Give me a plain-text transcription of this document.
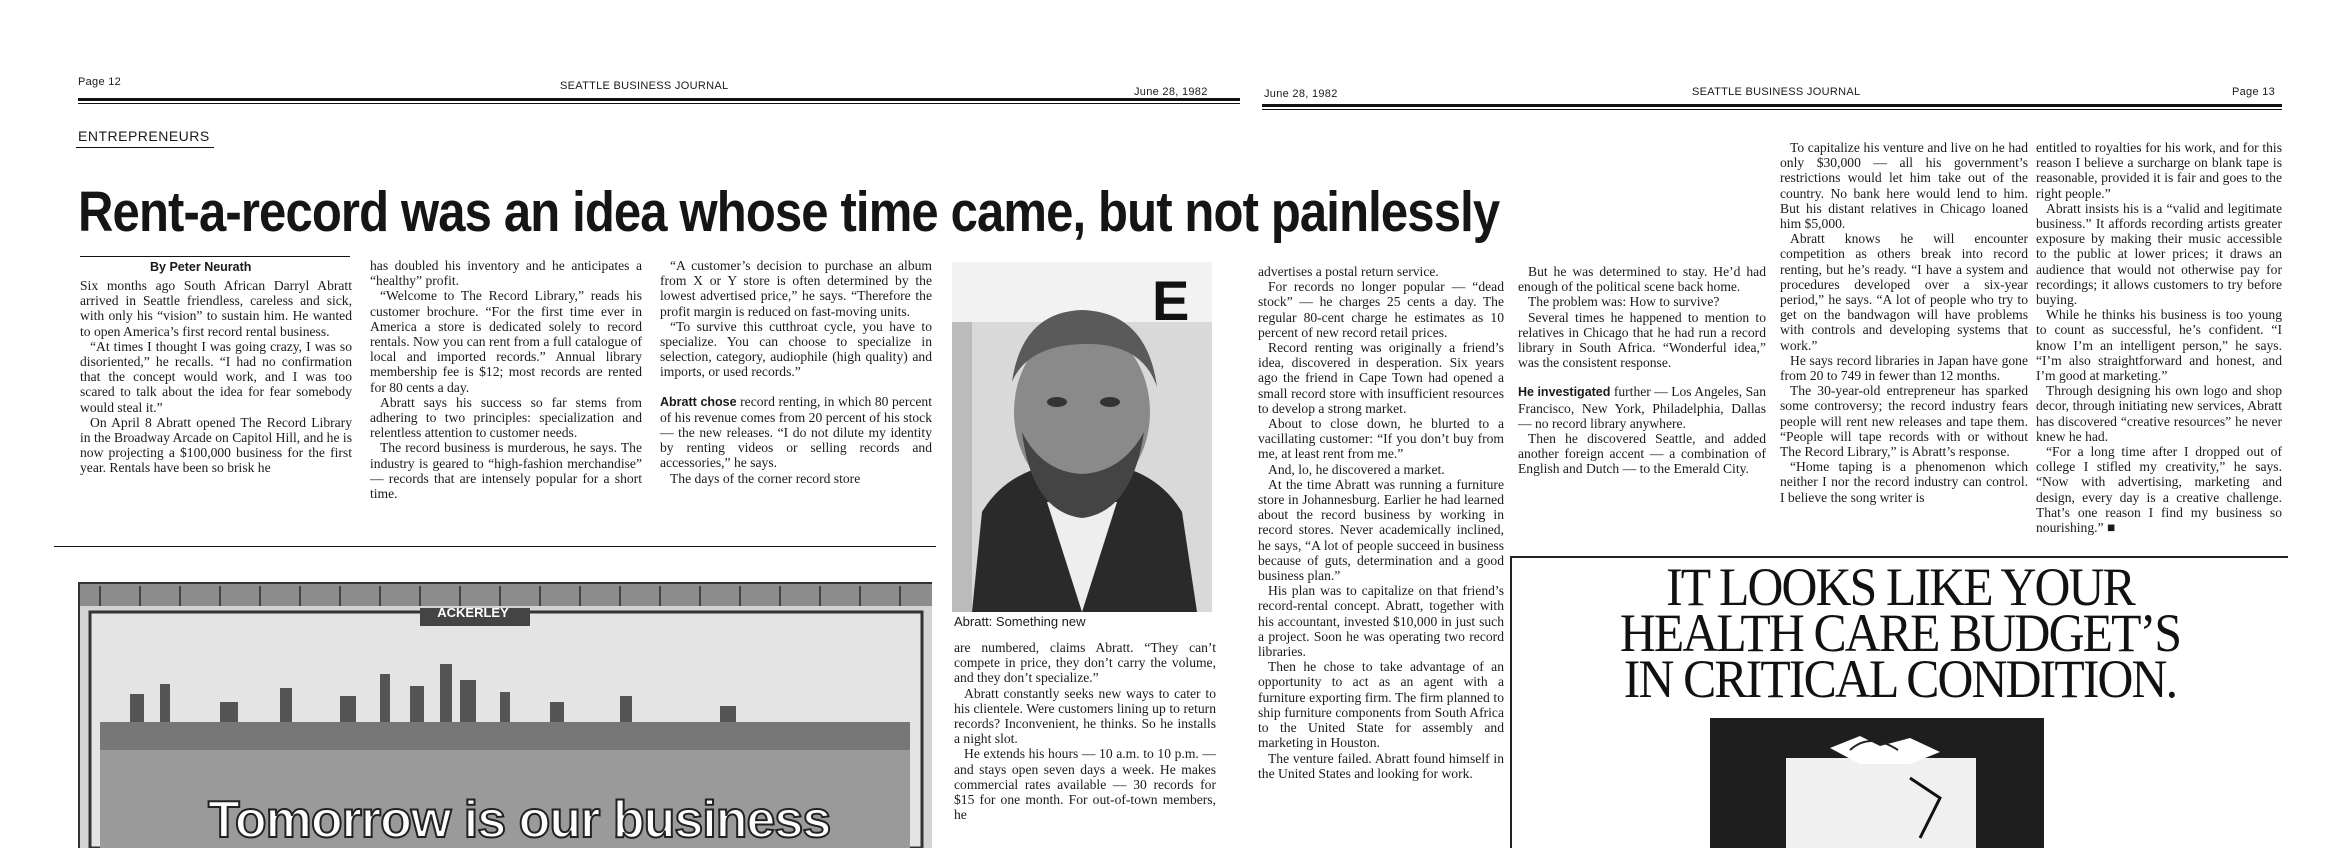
Page 12	SEATTLE BUSINESS JOURNAL	June 28, 1982	June 28, 1982	SEATTLE BUSINESS JOURNAL	Page 13
ENTREPRENEURS
Rent-a-record was an idea whose time came, but not painlessly
By Peter Neurath

Six months ago South African Darryl Abratt arrived in Seattle friendless, careless and sick, with only his “vision” to sustain him. He wanted to open America’s first record rental business.

“At times I thought I was going crazy, I was so disoriented,” he recalls. “I had no confirmation that the concept would work, and I was too scared to talk about the idea for fear somebody would steal it.”

On April 8 Abratt opened The Record Library in the Broadway Arcade on Capitol Hill, and he is now projecting a $100,000 business for the first year. Rentals have been so brisk he

has doubled his inventory and he anticipates a “healthy” profit.

“Welcome to The Record Library,” reads his customer brochure. “For the first time ever in America a store is dedicated solely to record rentals. Now you can rent from a full catalogue of local and imported records.” Annual library membership fee is $12; most records are rented for 80 cents a day.

Abratt says his success so far stems from adhering to two principles: specialization and relentless attention to customer needs.

The record business is murderous, he says. The industry is geared to “high-fashion merchandise” — records that are intensely popular for a short time.

“A customer’s decision to purchase an album from X or Y store is often determined by the lowest advertised price,” he says. “Therefore the profit margin is reduced on fast-moving units.

“To survive this cutthroat cycle, you have to specialize. You can choose to specialize in selection, category, audiophile (high quality) and imports, or used records.”

Abratt chose record renting, in which 80 percent of his revenue comes from 20 percent of his stock — the new releases. “I do not dilute my identity by renting videos or selling records and accessories,” he says.

The days of the corner record store

E
Abratt: Something new

are numbered, claims Abratt. “They can’t compete in price, they don’t carry the volume, and they don’t specialize.”

Abratt constantly seeks new ways to cater to his clientele. Were customers lining up to return records? Inconvenient, he thinks. So he installs a night slot.

He extends his hours — 10 a.m. to 10 p.m. — and stays open seven days a week. He makes commercial rates available — 30 records for $15 for one month. For out-of-town members, he

advertises a postal return service.

For records no longer popular — “dead stock” — he charges 25 cents a day. The regular 80-cent charge he estimates as 10 percent of new record retail prices.

Record renting was originally a friend’s idea, discovered in desperation. Six years ago the friend in Cape Town had opened a small record store with insufficient resources to develop a strong market.

About to close down, he blurted to a vacillating customer: “If you don’t buy from me, at least rent from me.”

And, lo, he discovered a market.

At the time Abratt was running a furniture store in Johannesburg. Earlier he had learned about the record business by working in record stores. Never academically inclined, he says, “A lot of people succeed in business because of guts, determination and a good business plan.”

His plan was to capitalize on that friend’s record-rental concept. Abratt, together with his accountant, invested $10,000 in just such a project. Soon he was operating two record libraries.

Then he chose to take advantage of an opportunity to act as an agent with a furniture exporting firm. The firm planned to ship furniture components from South Africa to the United State for assembly and marketing in Houston.

The venture failed. Abratt found himself in the United States and looking for work.

But he was determined to stay. He’d had enough of the political scene back home.

The problem was: How to survive?

Several times he happened to mention to relatives in Chicago that he had run a record library in South Africa. “Wonderful idea,” was the consistent response.

He investigated further — Los Angeles, San Francisco, New York, Philadelphia, Dallas — no record library anywhere.

Then he discovered Seattle, and added another foreign accent — a combination of English and Dutch — to the Emerald City.

To capitalize his venture and live on he had only $30,000 — all his government’s restrictions would let him take out of the country. No bank here would lend to him. But his distant relatives in Chicago loaned him $5,000.

Abratt knows he will encounter competition as others break into record renting, but he’s ready. “I have a system and procedures developed over a six-year period,” he says. “A lot of people who try to get on the bandwagon will have problems with controls and developing systems that work.”

He says record libraries in Japan have gone from 20 to 749 in fewer than 12 months.

The 30-year-old entrepreneur has sparked some controversy; the record industry fears people will rent new releases and tape them. “People will tape records with or without The Record Library,” is Abratt’s response.

“Home taping is a phenomenon which neither I nor the record industry can control. I believe the song writer is

entitled to royalties for his work, and for this reason I believe a surcharge on blank tape is reasonable, provided it is fair and goes to the right people.”

Abratt insists his is a “valid and legitimate business.” It affords recording artists greater exposure by making their music accessible to the public at lower prices; it draws an audience that would not otherwise pay for recordings; it allows customers to try before buying.

While he thinks his business is too young to count as successful, he’s confident. “I know I’m an intelligent person,” he says. “I’m also straightforward and honest, and I’m good at marketing.”

Through designing his own logo and shop decor, through initiating new services, Abratt has discovered “creative resources” he never knew he had.

“For a long time after I dropped out of college I stifled my creativity,” he says. “Now with advertising, marketing and design, every day is a creative challenge. That’s one reason I find my business so nourishing.” ■

ACKERLEY
Tomorrow is our business
IT LOOKS LIKE YOUR
HEALTH CARE BUDGET’S
IN CRITICAL CONDITION.
